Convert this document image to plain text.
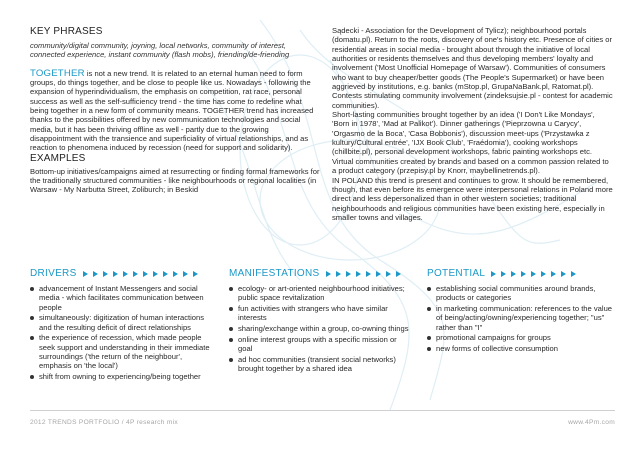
KEY PHRASES

community/digital community, joyning, local networks, community of interest, connected experience, instant community (flash mobs), friending/de-friending

TOGETHER is not a new trend. It is related to an eternal human need to form groups, do things together, and be close to people like us. Nowadays - following the expansion of hyperindividualism, the emphasis on competition, rat race, personal success as well as the self-sufficiency trend - the time has come to redefine what being together in a new form of community means. TOGETHER trend has increased thanks to the possibilities offered by new communication technologies and social media, but it has been thriving offline as well - partly due to the growing disappointment with the transience and superficiality of virtual relationships, and as reaction to phenomena induced by recession (need for support and solidarity).

EXAMPLES

Bottom-up initiatives/campaigns aimed at resurrecting or finding formal frameworks for the traditionally structured communities - like neighbourhoods or regional localities (in Warsaw - My Narbutta Street, Zoliburch; in Beskid

Sądecki - Association for the Development of Tylicz); neighbourhood portals (domatu.pl). Return to the roots, discovery of one's history etc. Presence of cities or residential areas in social media - brought about through the initiative of local authorities or residents themselves and thus developing members' loyalty and involvement ('Most Unofficial Homepage of Warsaw'). Communities of consumers who want to buy cheaper/better goods (The People's Supermarket) or have been aggrieved by institutions, e.g. banks (mStop.pl, GrupaNaBank.pl, Ratomat.pl). Contests stimulating community involvement (zindeksujsie.pl - contest for academic communities).

Short-lasting communities brought together by an idea ('I Don't Like Mondays', 'Born in 1978', 'Mad at Palikot'). Dinner gatherings ('Pieprzowna u Carycy', 'Orgasmo de la Boca', 'Casa Bobbonis'), discussion meet-ups ('Przystawka z kultury/Cultural entrée', 'IJX Book Club', 'Fraédomia'), cooking workshops (chillbite.pl), personal development workshops, fabric painting workshops etc. Virtual communities created by brands and based on a common passion related to a product category (przepisy.pl by Knorr, maybellinetrends.pl).

IN POLAND this trend is present and continues to grow. It should be remembered, though, that even before its emergence were interpersonal relations in Poland more direct and less depersonalized than in other western societies; traditional neighbourhoods and religious communities have been existing here, especially in smaller towns and villages.

DRIVERS
advancement of Instant Messengers and social media - which facilitates communication between people
simultaneously: digitization of human interactions and the resulting deficit of direct relationships
the experience of recession, which made people seek support and understanding in their immediate surroundings ('the return of the neighbour', emphasis on 'the local')
shift from owning to experiencing/being together
MANIFESTATIONS
ecology- or art-oriented neighbourhood initiatives; public space revitalization
fun activities with strangers who have similar interests
sharing/exchange within a group, co-owning things
online interest groups with a specific mission or goal
ad hoc communities (transient social networks) brought together by a shared idea
POTENTIAL
establishing social communities around brands, products or categories
in marketing communication: references to the value of being/acting/owning/experiencing together; "us" rather than "I"
promotional campaigns for groups
new forms of collective consumption
2012 TRENDS PORTFOLIO / 4P research mix	www.4Pm.com
